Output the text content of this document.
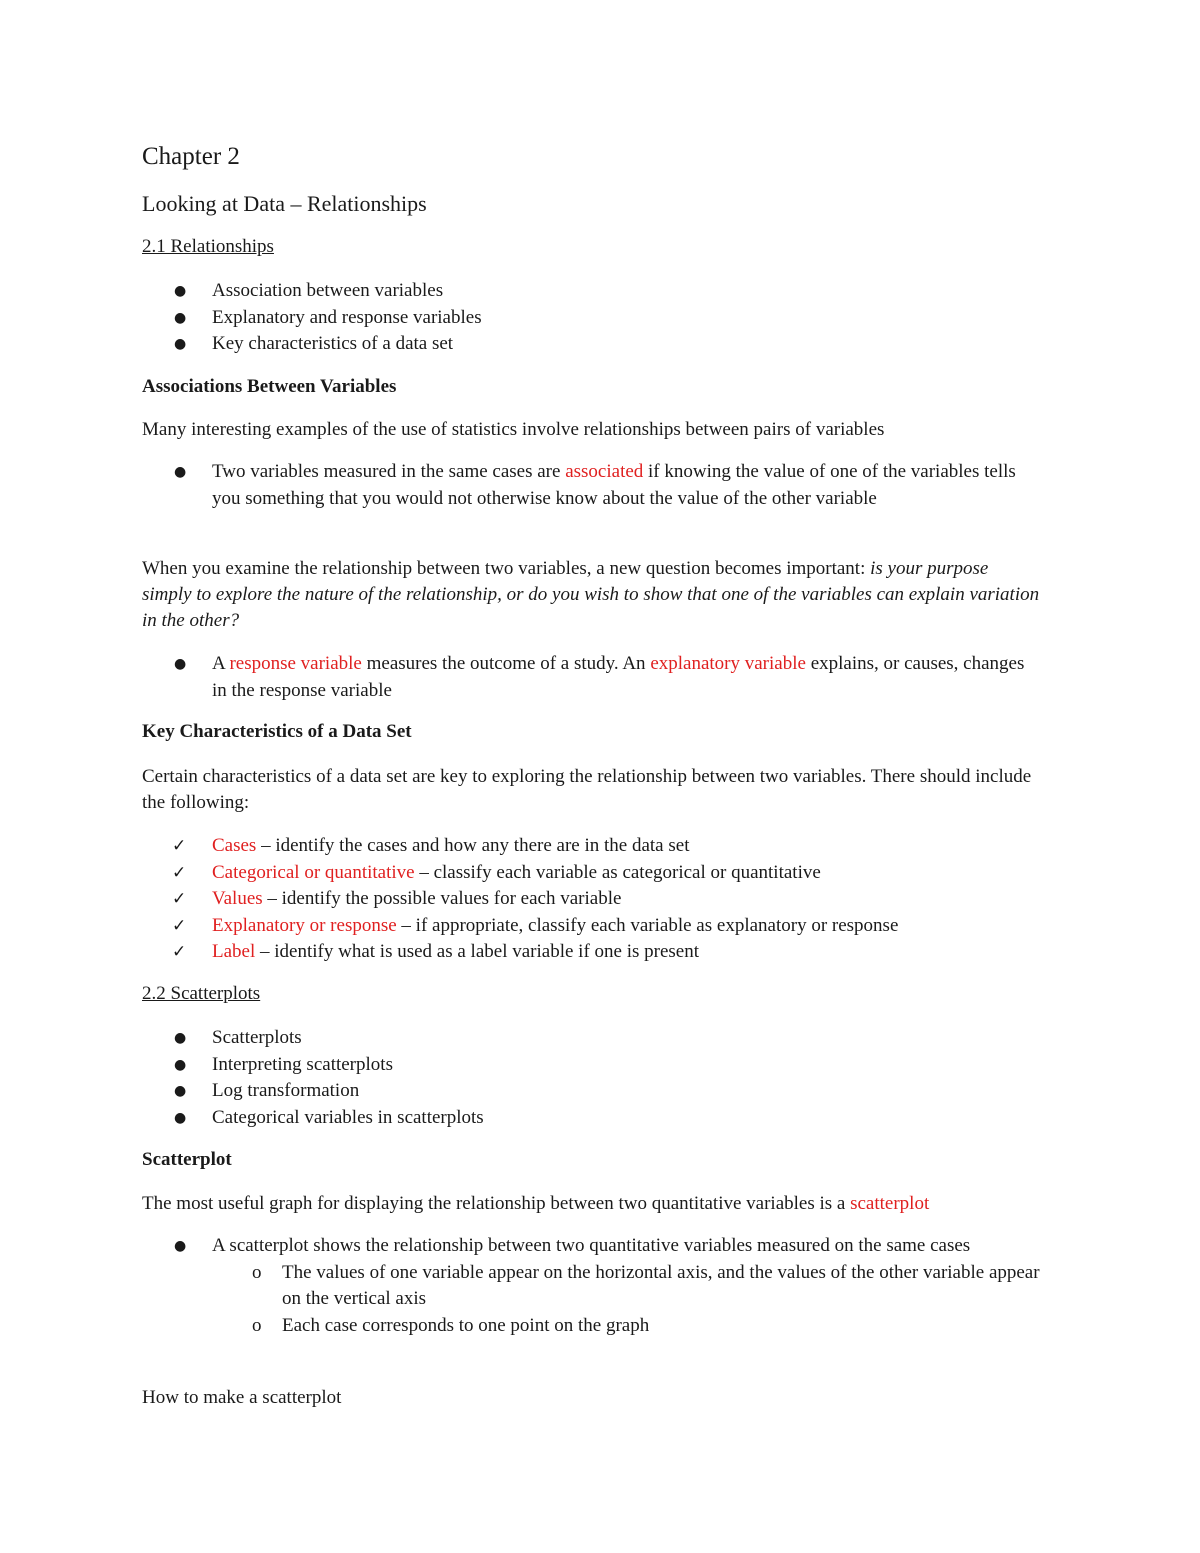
Chapter 2

Looking at Data – Relationships

2.1 Relationships

● Association between variables
● Explanatory and response variables
● Key characteristics of a data set

Associations Between Variables

Many interesting examples of the use of statistics involve relationships between pairs of variables

● Two variables measured in the same cases are associated if knowing the value of one of the variables tells you something that you would not otherwise know about the value of the other variable

When you examine the relationship between two variables, a new question becomes important: is your purpose simply to explore the nature of the relationship, or do you wish to show that one of the variables can explain variation in the other?

● A response variable measures the outcome of a study. An explanatory variable explains, or causes, changes in the response variable

Key Characteristics of a Data Set

Certain characteristics of a data set are key to exploring the relationship between two variables. There should include the following:

✓ Cases – identify the cases and how any there are in the data set
✓ Categorical or quantitative – classify each variable as categorical or quantitative
✓ Values – identify the possible values for each variable
✓ Explanatory or response – if appropriate, classify each variable as explanatory or response
✓ Label – identify what is used as a label variable if one is present

2.2 Scatterplots

● Scatterplots
● Interpreting scatterplots
● Log transformation
● Categorical variables in scatterplots

Scatterplot

The most useful graph for displaying the relationship between two quantitative variables is a scatterplot

● A scatterplot shows the relationship between two quantitative variables measured on the same cases
o The values of one variable appear on the horizontal axis, and the values of the other variable appear on the vertical axis
o Each case corresponds to one point on the graph

How to make a scatterplot
